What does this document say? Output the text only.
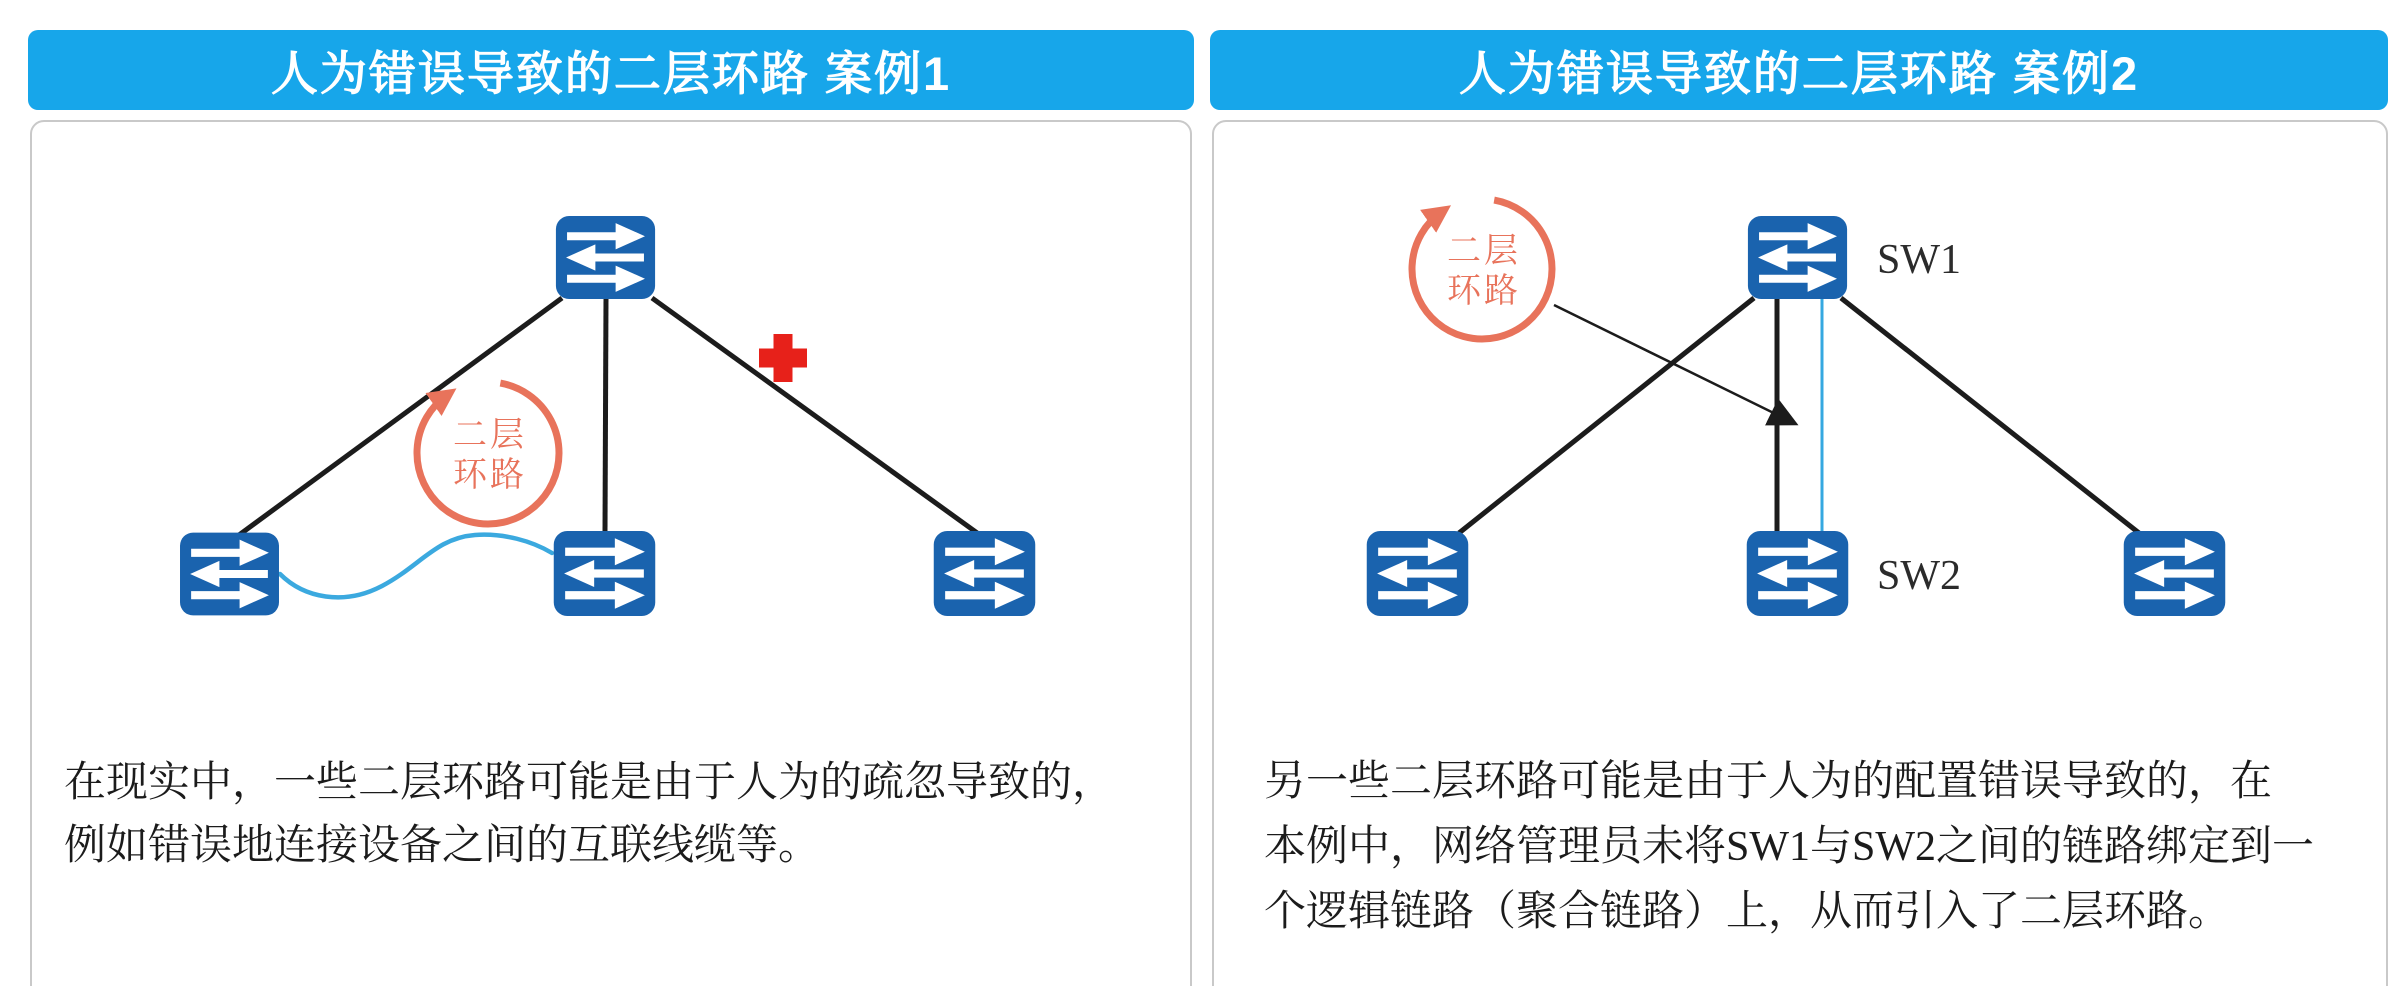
人为错误导致的二层环路 案例1
二层
环路
在现实中，一些二层环路可能是由于人为的疏忽导致的，
例如错误地连接设备之间的互联线缆等。
人为错误导致的二层环路 案例2
二层
环路
SW1
SW2
另一些二层环路可能是由于人为的配置错误导致的，在
本例中，网络管理员未将SW1与SW2之间的链路绑定到一
个逻辑链路（聚合链路）上，从而引入了二层环路。
